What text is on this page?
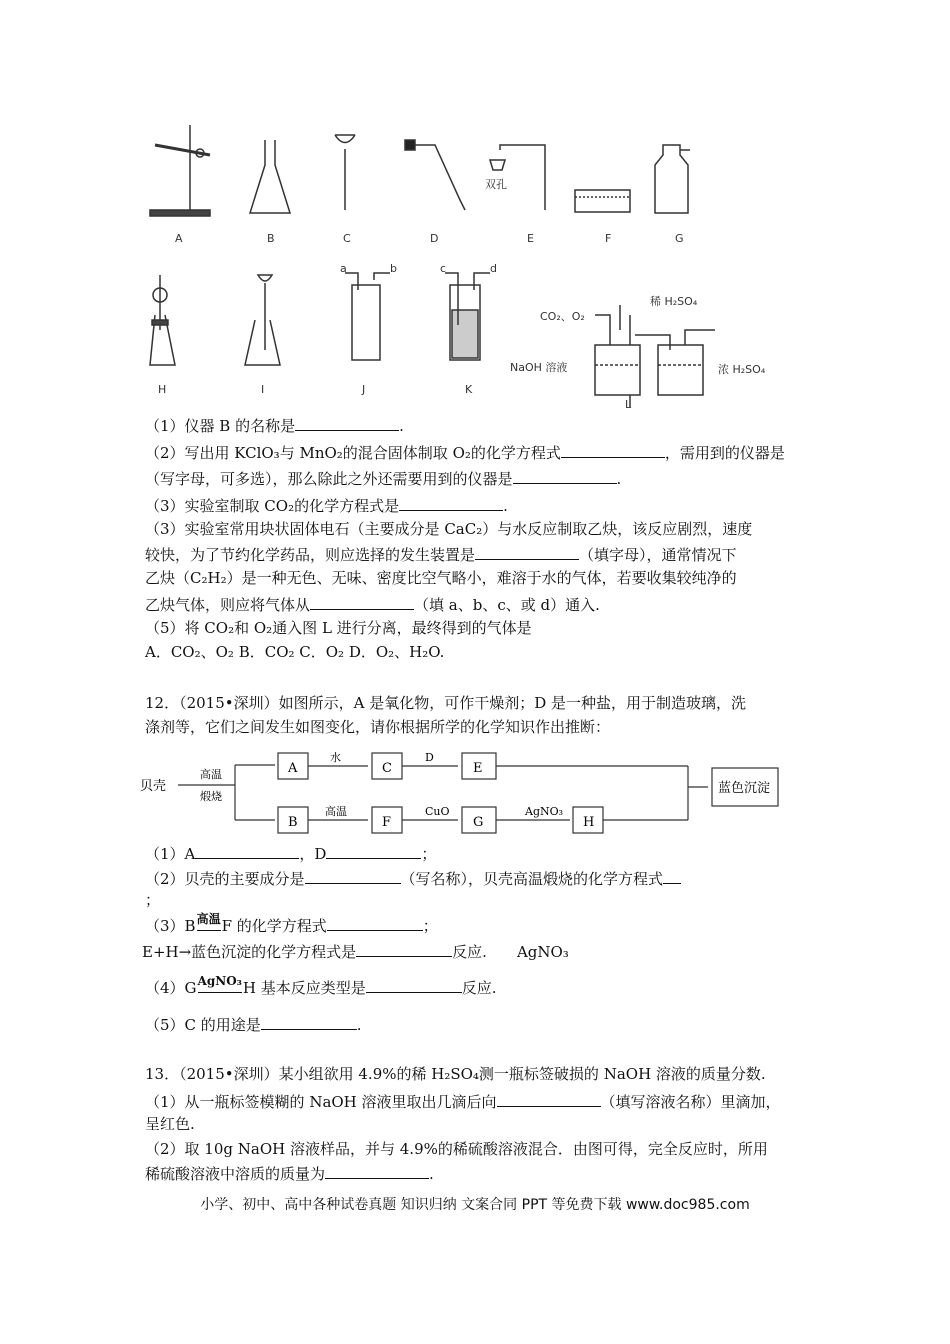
A	B	C	D	E	F	G
双孔
H	I	J	K
L
a	b	c	d
稀 H₂SO₄
CO₂、O₂
NaOH 溶液	浓 H₂SO₄
（1）仪器 B 的名称是	.
（2）写出用 KClO₃与 MnO₂的混合固体制取 O₂的化学方程式	，需用到的仪器是
（写字母，可多选），那么除此之外还需要用到的仪器是	.
（3）实验室制取 CO₂的化学方程式是	.
（3）实验室常用块状固体电石（主要成分是 CaC₂）与水反应制取乙炔，该反应剧烈，速度
较快，为了节约化学药品，则应选择的发生装置是	（填字母），通常情况下
乙炔（C₂H₂）是一种无色、无味、密度比空气略小，难溶于水的气体，若要收集较纯净的
乙炔气体，则应将气体从	（填 a、b、c、或 d）通入.
（5）将 CO₂和 O₂通入图 L 进行分离，最终得到的气体是
A．CO₂、O₂ B．CO₂ C．O₂ D．O₂、H₂O.
12．（2015•深圳）如图所示，A 是氧化物，可作干燥剂；D 是一种盐，用于制造玻璃，洗
涤剂等，它们之间发生如图变化，请你根据所学的化学知识作出推断：
贝壳
高温
煅烧
A
B
水
C
D
E
高温
F
CuO
G
AgNO₃
H
蓝色沉淀
（1）A	，D	；
（2）贝壳的主要成分是	（写名称），贝壳高温煅烧的化学方程式
；
（3）B高温F 的化学方程式	；
E+H→蓝色沉淀的化学方程式是	反应. AgNO₃
（4）GAgNO₃H 基本反应类型是	反应.
（5）C 的用途是	.
13．（2015•深圳）某小组欲用 4.9%的稀 H₂SO₄测一瓶标签破损的 NaOH 溶液的质量分数.
（1）从一瓶标签模糊的 NaOH 溶液里取出几滴后向	（填写溶液名称）里滴加，
呈红色.
（2）取 10g NaOH 溶液样品，并与 4.9%的稀硫酸溶液混合．由图可得，完全反应时，所用
稀硫酸溶液中溶质的质量为	.
小学、初中、高中各种试卷真题 知识归纳 文案合同 PPT 等免费下载 www.doc985.com
